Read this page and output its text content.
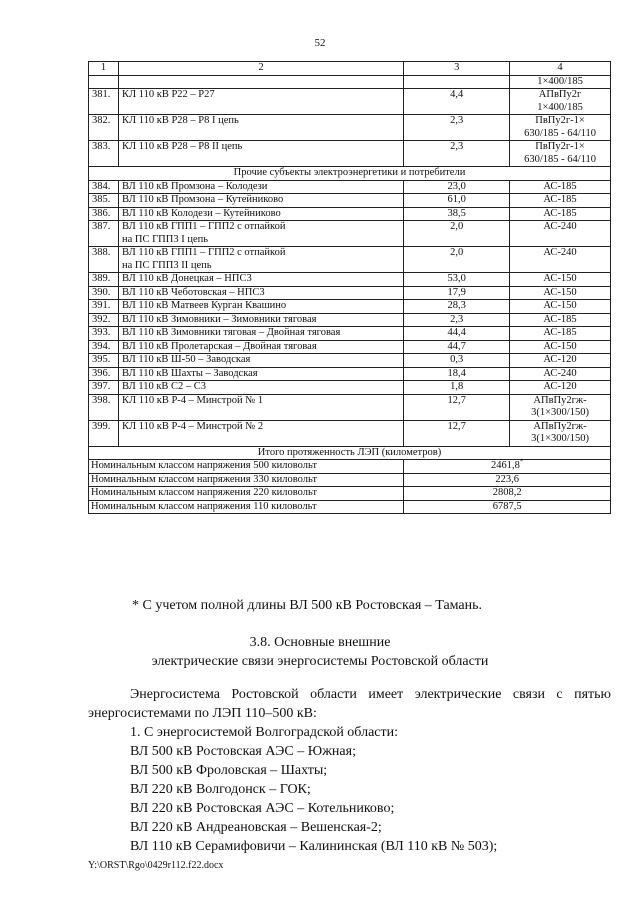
52
1	2	3	4
			1×400/185
381.	КЛ 110 кВ Р22 – Р27	4,4	АПвПу2г
1×400/185

382.	КЛ 110 кВ Р28 – Р8 I цепь	2,3	ПвПу2г-1×
630/185 - 64/110

383.	КЛ 110 кВ Р28 – Р8 II цепь	2,3	ПвПу2г-1×
630/185 - 64/110

Прочие субъекты электроэнергетики и потребители			
384.	ВЛ 110 кВ Промзона – Колодези	23,0	АС-185
385.	ВЛ 110 кВ Промзона – Кутейниково	61,0	АС-185
386.	ВЛ 110 кВ Колодези – Кутейниково	38,5	АС-185
387.	ВЛ 110 кВ ГПП1 – ГПП2 с отпайкой
на ПС ГПП3 I цепь	2,0	АС-240
388.	ВЛ 110 кВ ГПП1 – ГПП2 с отпайкой
на ПС ГПП3 II цепь	2,0	АС-240
389.	ВЛ 110 кВ Донецкая – НПС3	53,0	АС-150
390.	ВЛ 110 кВ Чеботовская – НПС3	17,9	АС-150
391.	ВЛ 110 кВ Матвеев Курган Квашино	28,3	АС-150
392.	ВЛ 110 кВ Зимовники – Зимовники тяговая	2,3	АС-185
393.	ВЛ 110 кВ Зимовники тяговая – Двойная тяговая	44,4	АС-185
394.	ВЛ 110 кВ Пролетарская – Двойная тяговая	44,7	АС-150
395.	ВЛ 110 кВ Ш-50 – Заводская	0,3	АС-120
396.	ВЛ 110 кВ Шахты – Заводская	18,4	АС-240
397.	ВЛ 110 кВ С2 – С3	1,8	АС-120
398.	КЛ 110 кВ Р-4 – Минстрой № 1	12,7	АПвПу2гж-
3(1×300/150)

399.	КЛ 110 кВ Р-4 – Минстрой № 2	12,7	АПвПу2гж-
3(1×300/150)

Итого протяженность ЛЭП (километров)			
Номинальным классом напряжения 500 киловольт		2461,8*
Номинальным классом напряжения 330 киловольт		223,6	
Номинальным классом напряжения 220 киловольт		2808,2	
Номинальным классом напряжения 110 киловольт		6787,5	
* С учетом полной длины ВЛ 500 кВ Ростовская – Тамань.
3.8. Основные внешние
электрические связи энергосистемы Ростовской области

Энергосистема Ростовской области имеет электрические связи с пятью энергосистемами по ЛЭП 110–500 кВ:

1. С энергосистемой Волгоградской области:

ВЛ 500 кВ Ростовская АЭС – Южная;

ВЛ 500 кВ Фроловская – Шахты;

ВЛ 220 кВ Волгодонск – ГОК;

ВЛ 220 кВ Ростовская АЭС – Котельниково;

ВЛ 220 кВ Андреановская – Вешенская-2;

ВЛ 110 кВ Серамифовичи – Калининская (ВЛ 110 кВ № 503);

Y:\ORST\Rgo\0429r112.f22.docx
